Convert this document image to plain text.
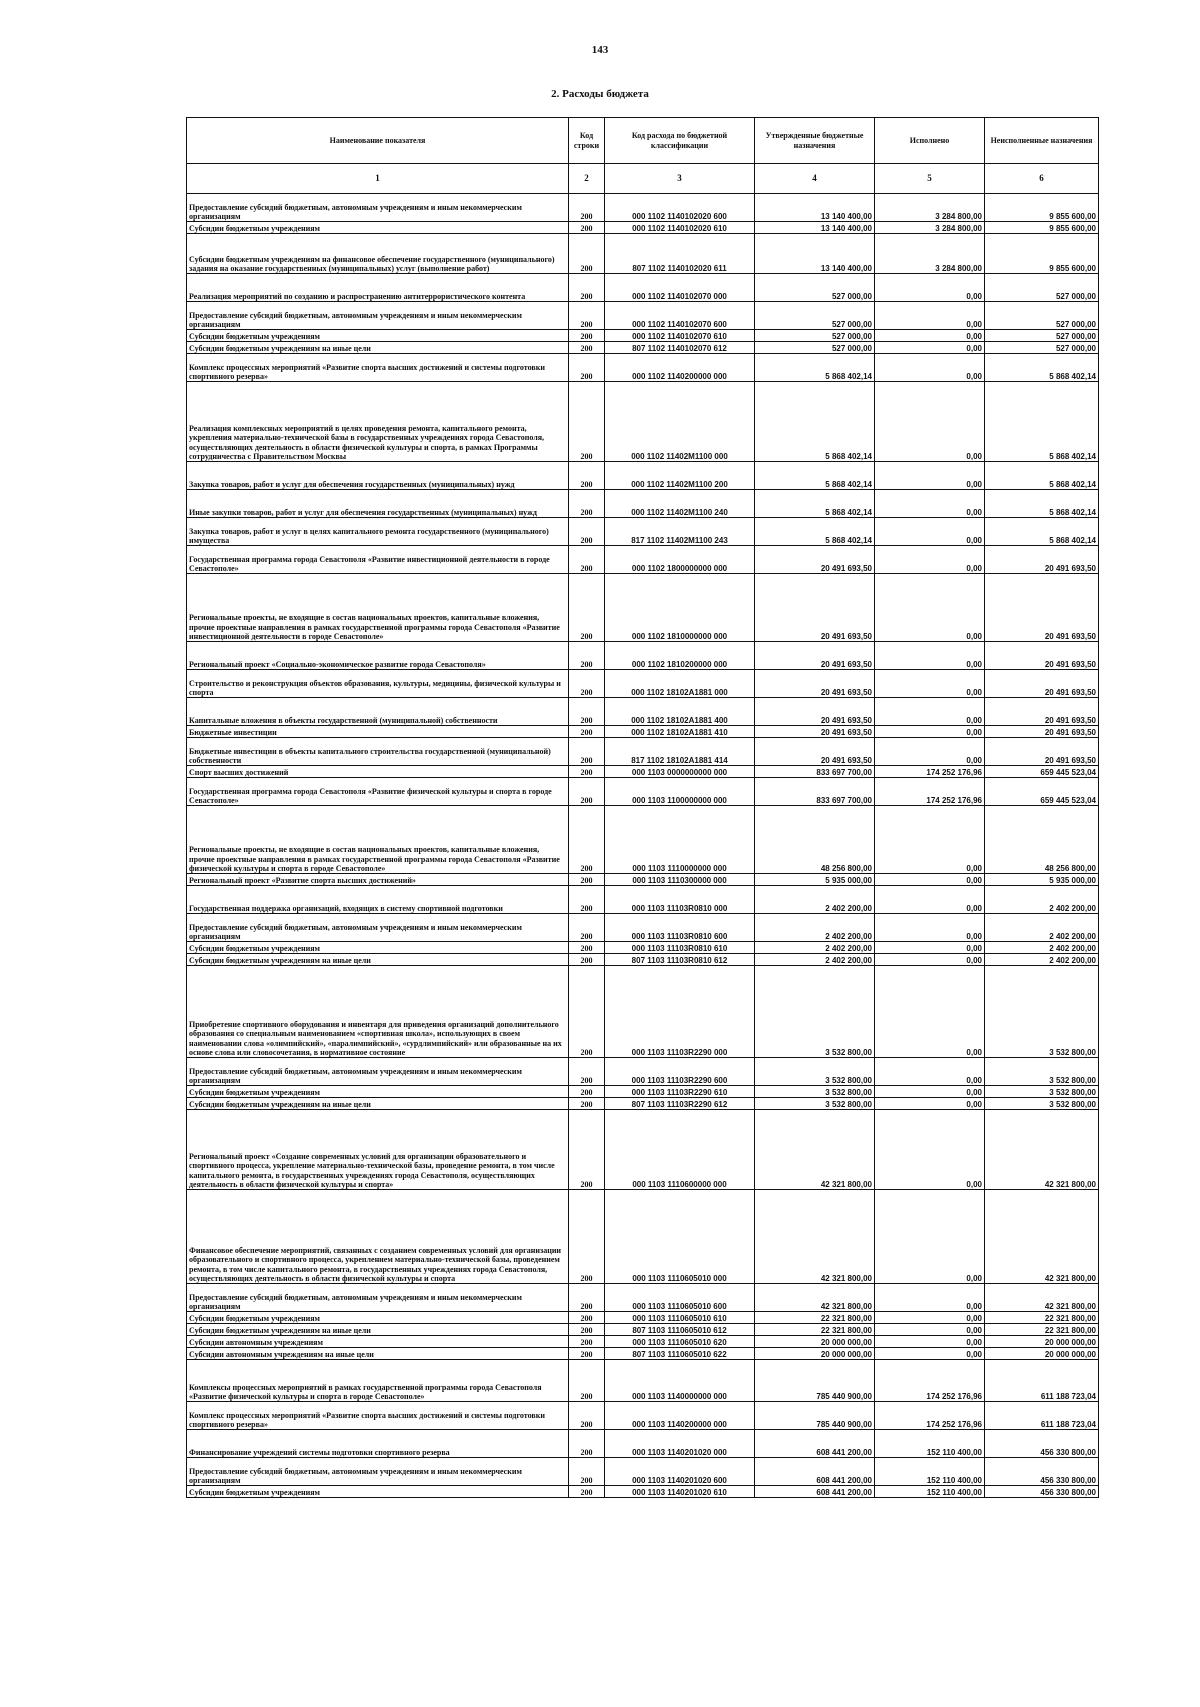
143
2. Расходы бюджета
Наименование показателя	Код строки	Код расхода по бюджетной классификации	Утвержденные бюджетные назначения	Исполнено	Неисполненные назначения
1	2	3	4	5	6
Предоставление субсидий бюджетным, автономным учреждениям и иным некоммерческим организациям	200	000 1102 1140102020 600	13 140 400,00	3 284 800,00	9 855 600,00
Субсидии бюджетным учреждениям	200	000 1102 1140102020 610	13 140 400,00	3 284 800,00	9 855 600,00
Субсидии бюджетным учреждениям на финансовое обеспечение государственного (муниципального) задания на оказание государственных (муниципальных) услуг (выполнение работ)	200	807 1102 1140102020 611	13 140 400,00	3 284 800,00	9 855 600,00
Реализация мероприятий по созданию и распространению антитеррористического контента	200	000 1102 1140102070 000	527 000,00	0,00	527 000,00
Предоставление субсидий бюджетным, автономным учреждениям и иным некоммерческим организациям	200	000 1102 1140102070 600	527 000,00	0,00	527 000,00
Субсидии бюджетным учреждениям	200	000 1102 1140102070 610	527 000,00	0,00	527 000,00
Субсидии бюджетным учреждениям на иные цели	200	807 1102 1140102070 612	527 000,00	0,00	527 000,00
Комплекс процессных мероприятий «Развитие спорта высших достижений и системы подготовки спортивного резерва»	200	000 1102 1140200000 000	5 868 402,14	0,00	5 868 402,14
Реализация комплексных мероприятий в целях проведения ремонта, капитального ремонта, укрепления материально-технической базы в государственных учреждениях города Севастополя, осуществляющих деятельность в области физической культуры и спорта, в рамках Программы сотрудничества с Правительством Москвы	200	000 1102 11402M1100 000	5 868 402,14	0,00	5 868 402,14
Закупка товаров, работ и услуг для обеспечения государственных (муниципальных) нужд	200	000 1102 11402M1100 200	5 868 402,14	0,00	5 868 402,14
Иные закупки товаров, работ и услуг для обеспечения государственных (муниципальных) нужд	200	000 1102 11402M1100 240	5 868 402,14	0,00	5 868 402,14
Закупка товаров, работ и услуг в целях капитального ремонта государственного (муниципального) имущества	200	817 1102 11402M1100 243	5 868 402,14	0,00	5 868 402,14
Государственная программа города Севастополя «Развитие инвестиционной деятельности в городе Севастополе»	200	000 1102 1800000000 000	20 491 693,50	0,00	20 491 693,50
Региональные проекты, не входящие в состав национальных проектов, капитальные вложения, прочие проектные направления в рамках государственной программы города Севастополя «Развитие инвестиционной деятельности в городе Севастополе»	200	000 1102 1810000000 000	20 491 693,50	0,00	20 491 693,50
Региональный проект «Социально-экономическое развитие города Севастополя»	200	000 1102 1810200000 000	20 491 693,50	0,00	20 491 693,50
Строительство и реконструкция объектов образования, культуры, медицины, физической культуры и спорта	200	000 1102 18102A1881 000	20 491 693,50	0,00	20 491 693,50
Капитальные вложения в объекты государственной (муниципальной) собственности	200	000 1102 18102A1881 400	20 491 693,50	0,00	20 491 693,50
Бюджетные инвестиции	200	000 1102 18102A1881 410	20 491 693,50	0,00	20 491 693,50
Бюджетные инвестиции в объекты капитального строительства государственной (муниципальной) собственности	200	817 1102 18102A1881 414	20 491 693,50	0,00	20 491 693,50
Спорт высших достижений	200	000 1103 0000000000 000	833 697 700,00	174 252 176,96	659 445 523,04
Государственная программа города Севастополя «Развитие физической культуры и спорта в городе Севастополе»	200	000 1103 1100000000 000	833 697 700,00	174 252 176,96	659 445 523,04
Региональные проекты, не входящие в состав национальных проектов, капитальные вложения, прочие проектные направления в рамках государственной программы города Севастополя «Развитие физической культуры и спорта в городе Севастополе»	200	000 1103 1110000000 000	48 256 800,00	0,00	48 256 800,00
Региональный проект «Развитие спорта высших достижений»	200	000 1103 1110300000 000	5 935 000,00	0,00	5 935 000,00
Государственная поддержка организаций, входящих в систему спортивной подготовки	200	000 1103 11103R0810 000	2 402 200,00	0,00	2 402 200,00
Предоставление субсидий бюджетным, автономным учреждениям и иным некоммерческим организациям	200	000 1103 11103R0810 600	2 402 200,00	0,00	2 402 200,00
Субсидии бюджетным учреждениям	200	000 1103 11103R0810 610	2 402 200,00	0,00	2 402 200,00
Субсидии бюджетным учреждениям на иные цели	200	807 1103 11103R0810 612	2 402 200,00	0,00	2 402 200,00
Приобретение спортивного оборудования и инвентаря для приведения организаций дополнительного образования со специальным наименованием «спортивная школа», использующих в своем наименовании слова «олимпийский», «паралимпийский», «сурдлимпийский» или образованные на их основе слова или словосочетания, в нормативное состояние	200	000 1103 11103R2290 000	3 532 800,00	0,00	3 532 800,00
Предоставление субсидий бюджетным, автономным учреждениям и иным некоммерческим организациям	200	000 1103 11103R2290 600	3 532 800,00	0,00	3 532 800,00
Субсидии бюджетным учреждениям	200	000 1103 11103R2290 610	3 532 800,00	0,00	3 532 800,00
Субсидии бюджетным учреждениям на иные цели	200	807 1103 11103R2290 612	3 532 800,00	0,00	3 532 800,00
Региональный проект «Создание современных условий для организации образовательного и спортивного процесса, укрепление материально-технической базы, проведение ремонта, в том числе капитального ремонта, в государственных учреждениях города Севастополя, осуществляющих деятельность в области физической культуры и спорта»	200	000 1103 1110600000 000	42 321 800,00	0,00	42 321 800,00
Финансовое обеспечение мероприятий, связанных с созданием современных условий для организации образовательного и спортивного процесса, укреплением материально-технической базы, проведением ремонта, в том числе капитального ремонта, в государственных учреждениях города Севастополя, осуществляющих деятельность в области физической культуры и спорта	200	000 1103 1110605010 000	42 321 800,00	0,00	42 321 800,00
Предоставление субсидий бюджетным, автономным учреждениям и иным некоммерческим организациям	200	000 1103 1110605010 600	42 321 800,00	0,00	42 321 800,00
Субсидии бюджетным учреждениям	200	000 1103 1110605010 610	22 321 800,00	0,00	22 321 800,00
Субсидии бюджетным учреждениям на иные цели	200	807 1103 1110605010 612	22 321 800,00	0,00	22 321 800,00
Субсидии автономным учреждениям	200	000 1103 1110605010 620	20 000 000,00	0,00	20 000 000,00
Субсидии автономным учреждениям на иные цели	200	807 1103 1110605010 622	20 000 000,00	0,00	20 000 000,00
Комплексы процессных мероприятий в рамках государственной программы города Севастополя «Развитие физической культуры и спорта в городе Севастополе»	200	000 1103 1140000000 000	785 440 900,00	174 252 176,96	611 188 723,04
Комплекс процессных мероприятий «Развитие спорта высших достижений и системы подготовки спортивного резерва»	200	000 1103 1140200000 000	785 440 900,00	174 252 176,96	611 188 723,04
Финансирование учреждений системы подготовки спортивного резерва	200	000 1103 1140201020 000	608 441 200,00	152 110 400,00	456 330 800,00
Предоставление субсидий бюджетным, автономным учреждениям и иным некоммерческим организациям	200	000 1103 1140201020 600	608 441 200,00	152 110 400,00	456 330 800,00
Субсидии бюджетным учреждениям	200	000 1103 1140201020 610	608 441 200,00	152 110 400,00	456 330 800,00
